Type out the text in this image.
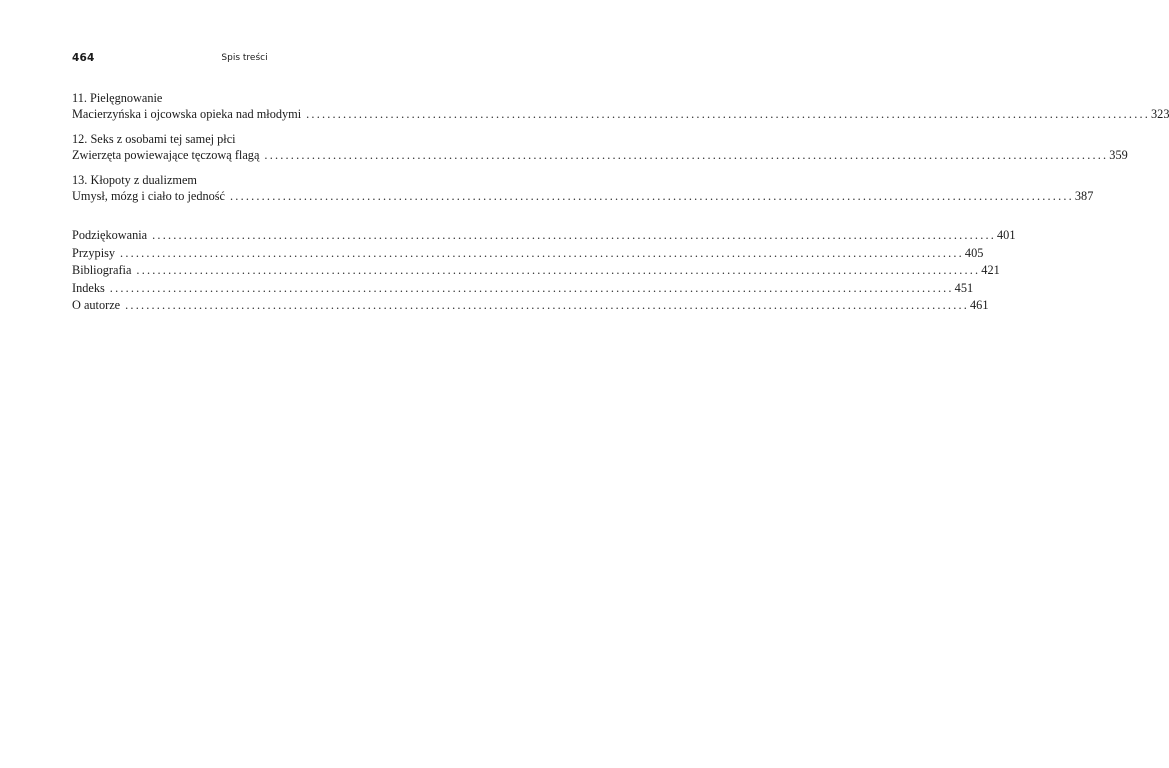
464	Spis treści
11. Pielęgnowanie
Macierzyńska i ojcowska opieka nad młodymi ................................................................................................................................................................ 323
12. Seks z osobami tej samej płci
Zwierzęta powiewające tęczową flagą ................................................................................................................................................................ 359
13. Kłopoty z dualizmem
Umysł, mózg i ciało to jedność ................................................................................................................................................................ 387
Podziękowania ................................................................................................................................................................ 401
Przypisy ................................................................................................................................................................ 405
Bibliografia ................................................................................................................................................................ 421
Indeks ................................................................................................................................................................ 451
O autorze ................................................................................................................................................................ 461
